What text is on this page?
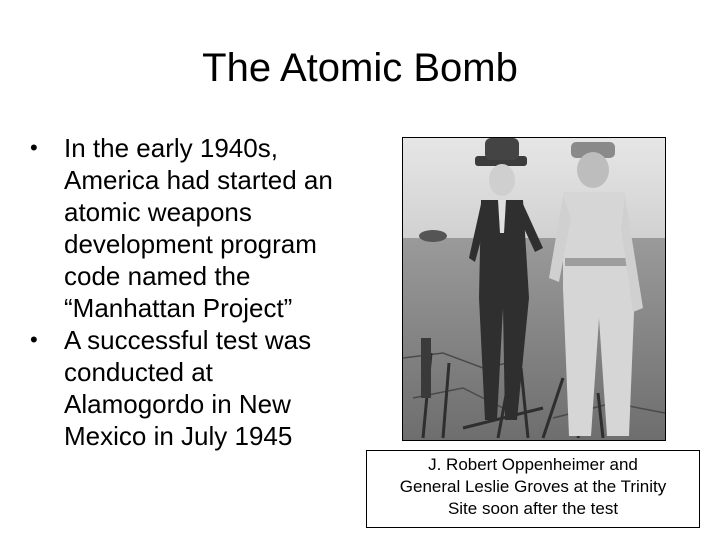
The Atomic Bomb
• In the early 1940s, America had started an atomic weapons development program code named the “Manhattan Project”
• A successful test was conducted at Alamogordo in New Mexico in July 1945
J. Robert Oppenheimer and
General Leslie Groves at the Trinity
Site soon after the test
